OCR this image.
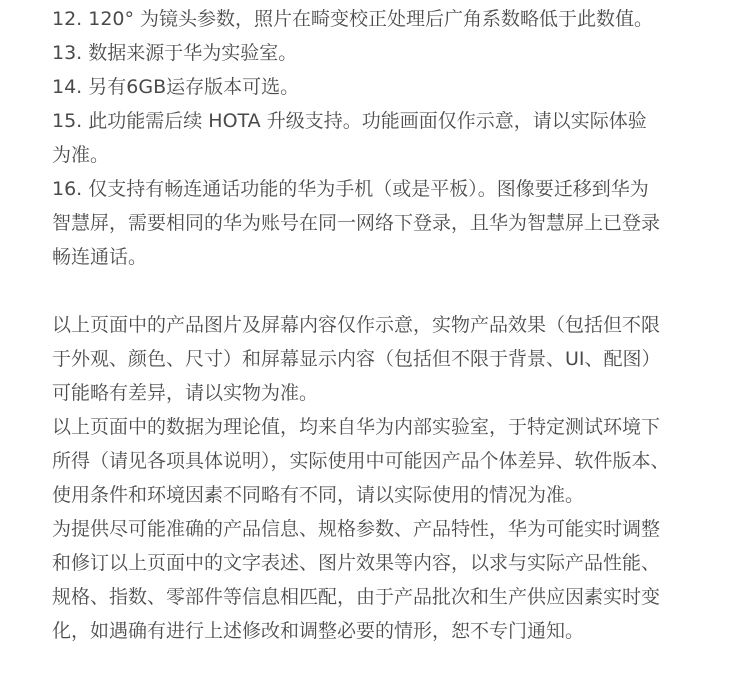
12. 120° 为镜头参数，照片在畸变校正处理后广角系数略低于此数值。
13. 数据来源于华为实验室。
14. 另有6GB运存版本可选。
15. 此功能需后续 HOTA 升级支持。功能画面仅作示意，请以实际体验
为准。
16. 仅支持有畅连通话功能的华为手机（或是平板）。图像要迁移到华为
智慧屏，需要相同的华为账号在同一网络下登录，且华为智慧屏上已登录
畅连通话。
以上页面中的产品图片及屏幕内容仅作示意，实物产品效果（包括但不限
于外观、颜色、尺寸）和屏幕显示内容（包括但不限于背景、UI、配图）
可能略有差异，请以实物为准。
以上页面中的数据为理论值，均来自华为内部实验室，于特定测试环境下
所得（请见各项具体说明），实际使用中可能因产品个体差异、软件版本、
使用条件和环境因素不同略有不同，请以实际使用的情况为准。
为提供尽可能准确的产品信息、规格参数、产品特性，华为可能实时调整
和修订以上页面中的文字表述、图片效果等内容，以求与实际产品性能、
规格、指数、零部件等信息相匹配，由于产品批次和生产供应因素实时变
化，如遇确有进行上述修改和调整必要的情形，恕不专门通知。
